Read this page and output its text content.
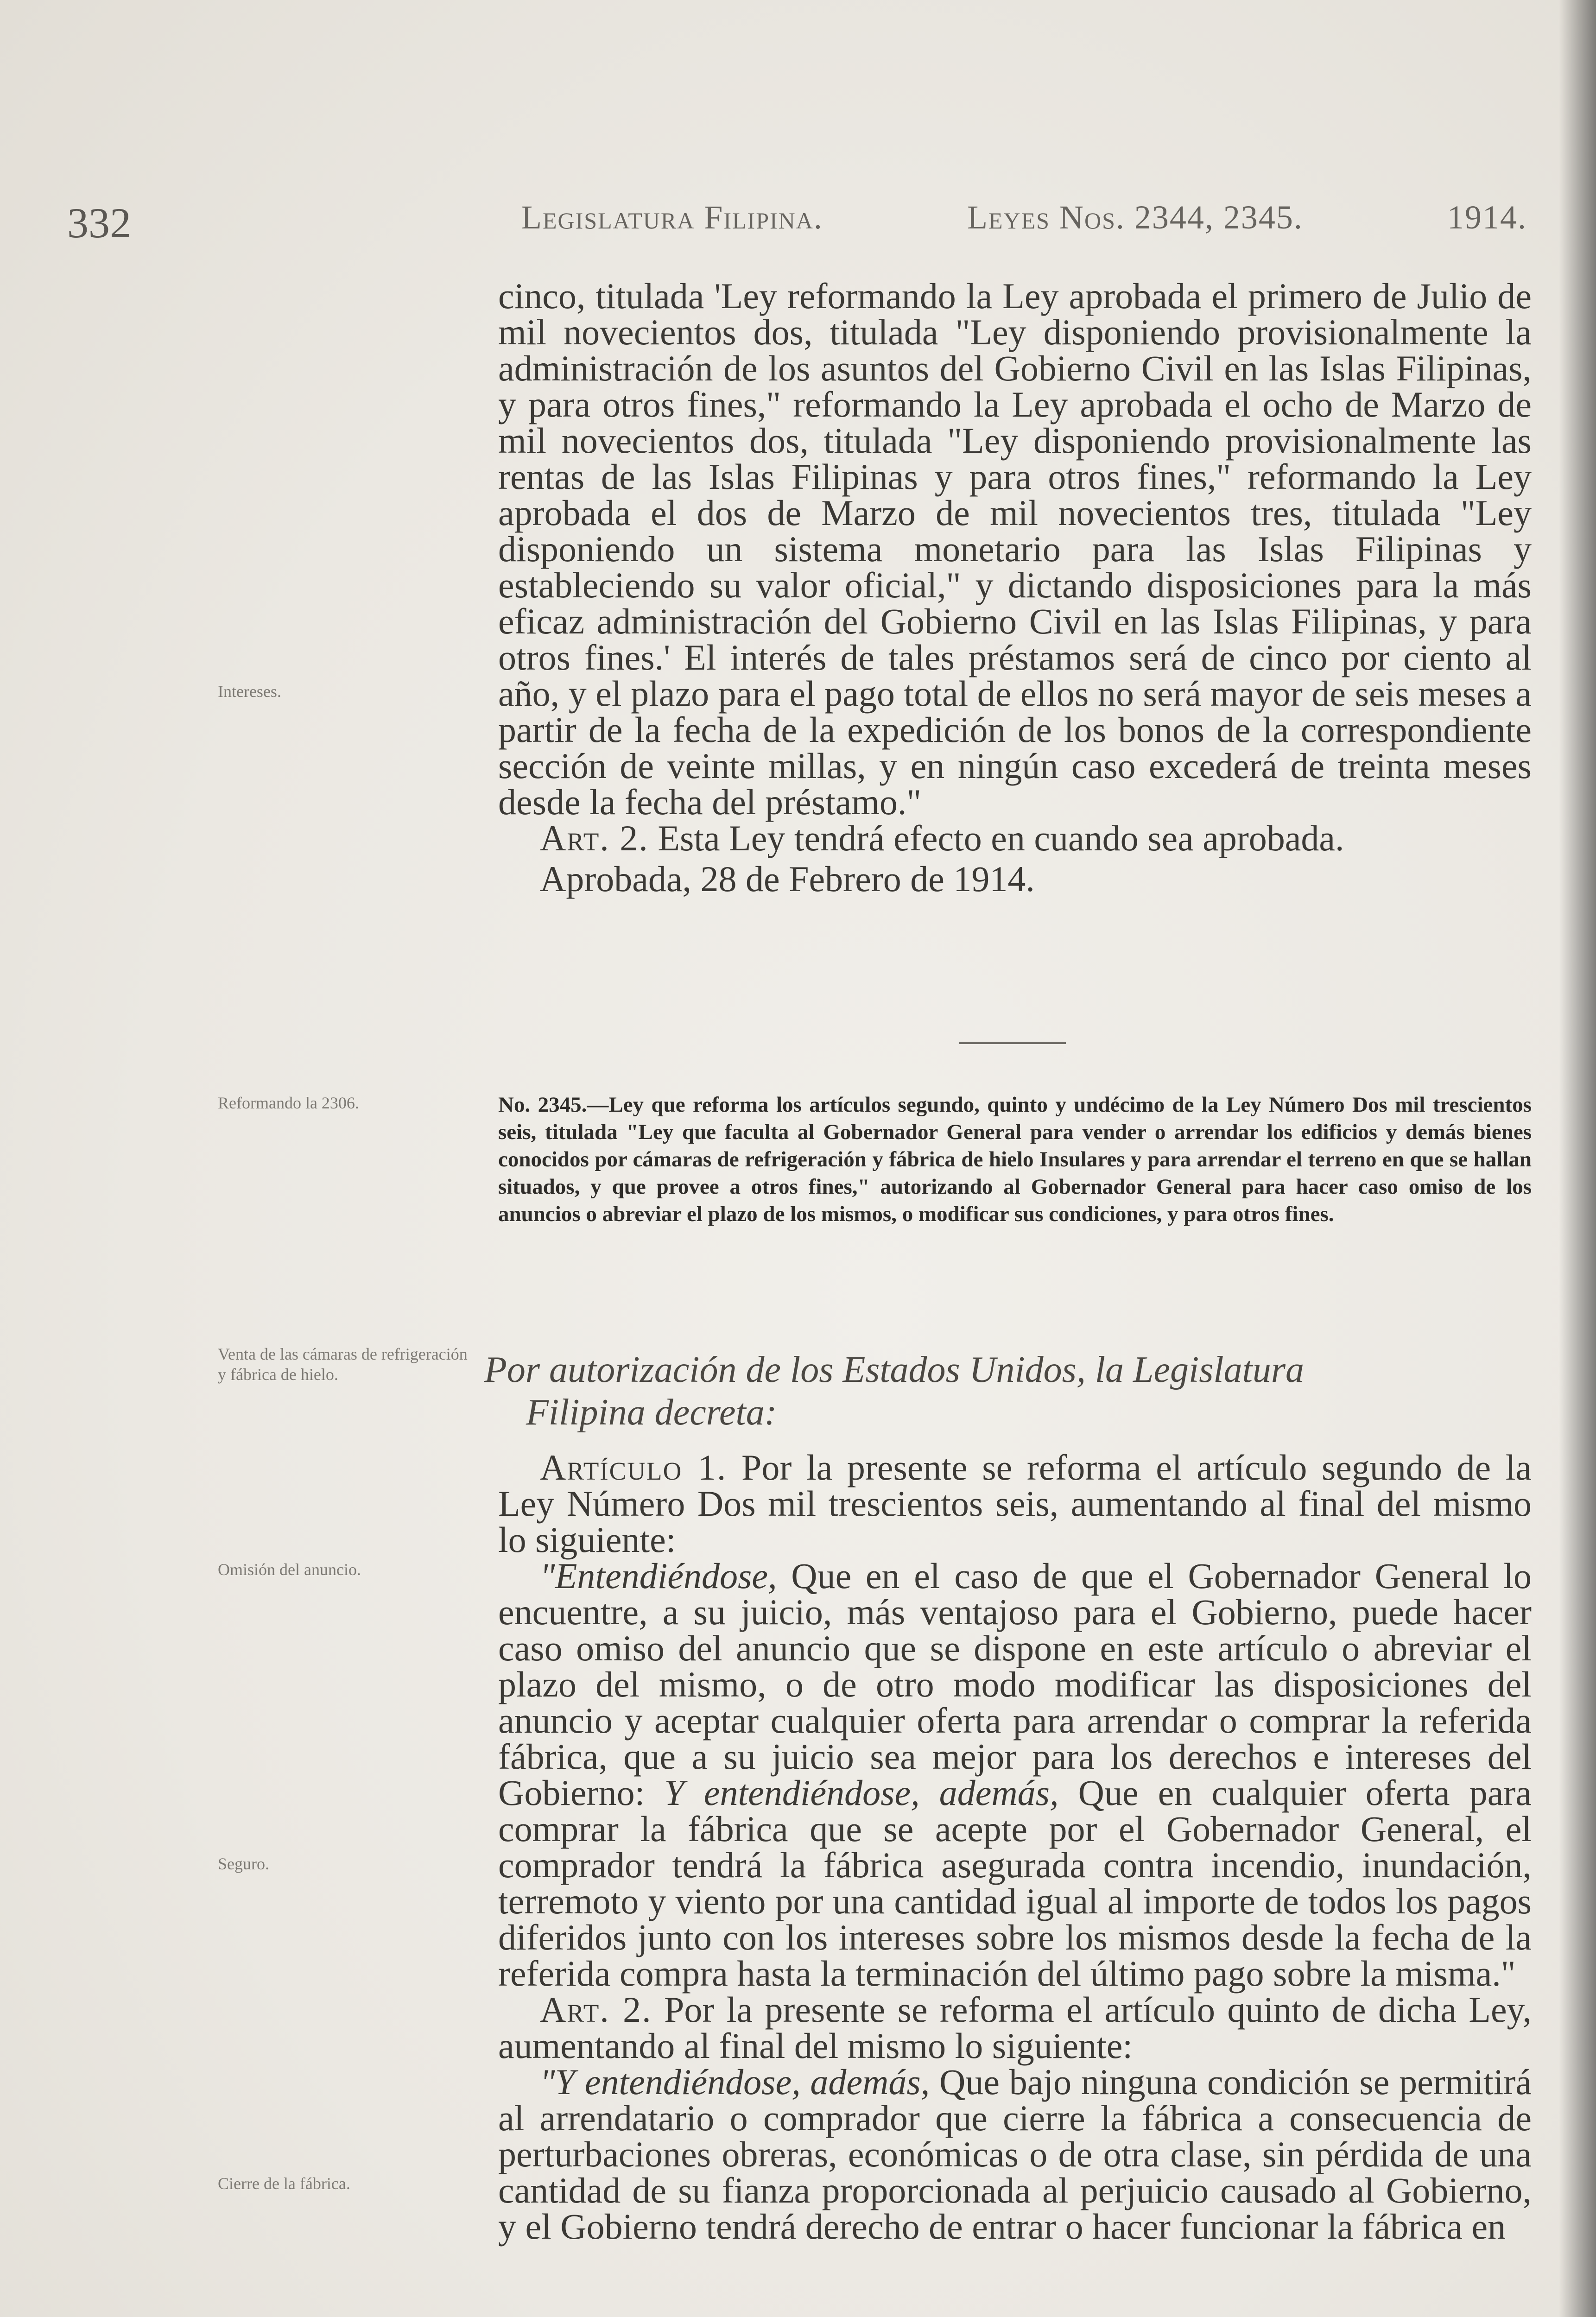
332	Legislatura Filipina.	Leyes Nos. 2344, 2345.	1914.

cinco, titulada 'Ley reformando la Ley aprobada el primero de Julio de mil novecientos dos, titulada "Ley disponiendo provisionalmente la administración de los asuntos del Gobierno Civil en las Islas Filipinas, y para otros fines," reformando la Ley aprobada el ocho de Marzo de mil novecientos dos, titulada "Ley disponiendo provisionalmente las rentas de las Islas Filipinas y para otros fines," reformando la Ley aprobada el dos de Marzo de mil novecientos tres, titulada "Ley disponiendo un sistema monetario para las Islas Filipinas y estableciendo su valor oficial," y dictando disposiciones para la más eficaz administración del Gobierno Civil en las Islas Filipinas, y para otros fines.' El interés de tales préstamos será de cinco por ciento al año, y el plazo para el pago total de ellos no será mayor de seis meses a partir de la fecha de la expedición de los bonos de la correspondiente sección de veinte millas, y en ningún caso excederá de treinta meses desde la fecha del préstamo."

Art. 2. Esta Ley tendrá efecto en cuando sea aprobada.

Aprobada, 28 de Febrero de 1914.

No. 2345.—Ley que reforma los artículos segundo, quinto y undécimo de la Ley Número Dos mil trescientos seis, titulada "Ley que faculta al Gobernador General para vender o arrendar los edificios y demás bienes conocidos por cámaras de refrigeración y fábrica de hielo Insulares y para arrendar el terreno en que se hallan situados, y que provee a otros fines," autorizando al Gobernador General para hacer caso omiso de los anuncios o abreviar el plazo de los mismos, o modificar sus condiciones, y para otros fines.
Por autorización de los Estados Unidos, la Legislatura
Filipina decreta:

Artículo 1. Por la presente se reforma el artículo segundo de la Ley Número Dos mil trescientos seis, aumentando al final del mismo lo siguiente:

"Entendiéndose, Que en el caso de que el Gobernador General lo encuentre, a su juicio, más ventajoso para el Gobierno, puede hacer caso omiso del anuncio que se dispone en este artículo o abreviar el plazo del mismo, o de otro modo modificar las disposiciones del anuncio y aceptar cualquier oferta para arrendar o comprar la referida fábrica, que a su juicio sea mejor para los derechos e intereses del Gobierno: Y entendiéndose, además, Que en cualquier oferta para comprar la fábrica que se acepte por el Gobernador General, el comprador tendrá la fábrica asegurada contra incendio, inundación, terremoto y viento por una cantidad igual al importe de todos los pagos diferidos junto con los intereses sobre los mismos desde la fecha de la referida compra hasta la terminación del último pago sobre la misma."

Art. 2. Por la presente se reforma el artículo quinto de dicha Ley, aumentando al final del mismo lo siguiente:

"Y entendiéndose, además, Que bajo ninguna condición se permitirá al arrendatario o comprador que cierre la fábrica a consecuencia de perturbaciones obreras, económicas o de otra clase, sin pérdida de una cantidad de su fianza proporcionada al perjuicio causado al Gobierno, y el Gobierno tendrá derecho de entrar o hacer funcionar la fábrica en

Intereses.
Reformando la 2306.
Venta de las cámaras de refrigeración y fábrica de hielo.
Omisión del anuncio.
Seguro.
Cierre de la fábrica.
